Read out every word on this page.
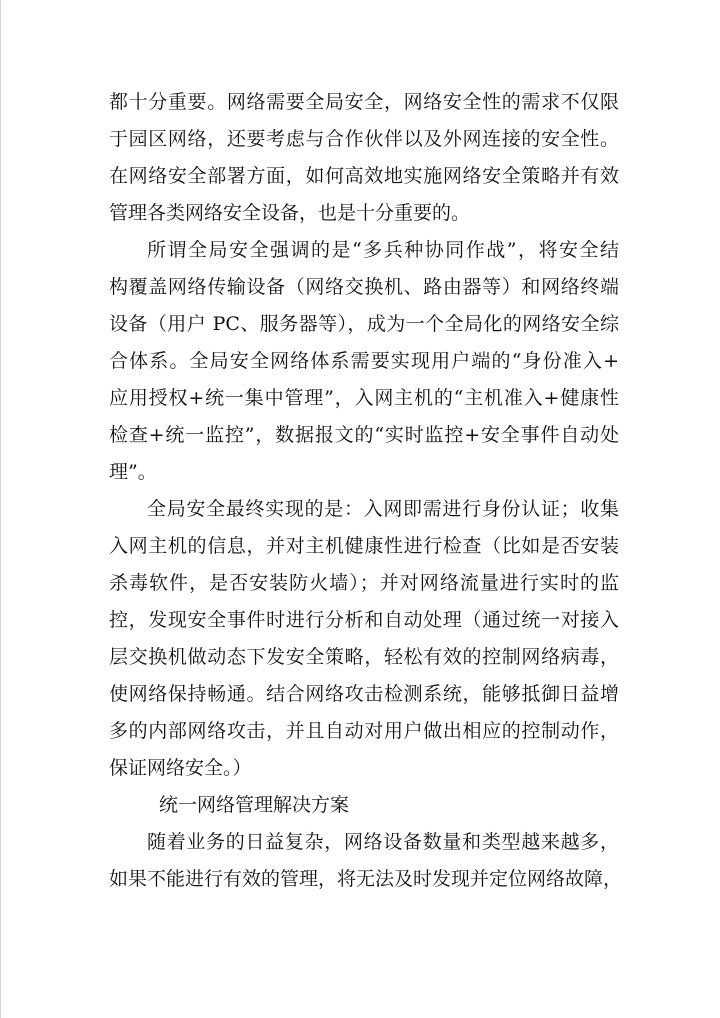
都十分重要。网络需要全局安全，网络安全性的需求不仅限
于园区网络，还要考虑与合作伙伴以及外网连接的安全性。
在网络安全部署方面，如何高效地实施网络安全策略并有效
管理各类网络安全设备，也是十分重要的。
所谓全局安全强调的是“多兵种协同作战”，将安全结
构覆盖网络传输设备（网络交换机、路由器等）和网络终端
设备（用户 PC、服务器等），成为一个全局化的网络安全综
合体系。全局安全网络体系需要实现用户端的“身份准入+
应用授权+统一集中管理”，入网主机的“主机准入+健康性
检查+统一监控”，数据报文的“实时监控+安全事件自动处
理”。
全局安全最终实现的是：入网即需进行身份认证；收集
入网主机的信息，并对主机健康性进行检查（比如是否安装
杀毒软件，是否安装防火墙）；并对网络流量进行实时的监
控，发现安全事件时进行分析和自动处理（通过统一对接入
层交换机做动态下发安全策略，轻松有效的控制网络病毒，
使网络保持畅通。结合网络攻击检测系统，能够抵御日益增
多的内部网络攻击，并且自动对用户做出相应的控制动作，
保证网络安全。）
统一网络管理解决方案
随着业务的日益复杂，网络设备数量和类型越来越多，
如果不能进行有效的管理，将无法及时发现并定位网络故障，
